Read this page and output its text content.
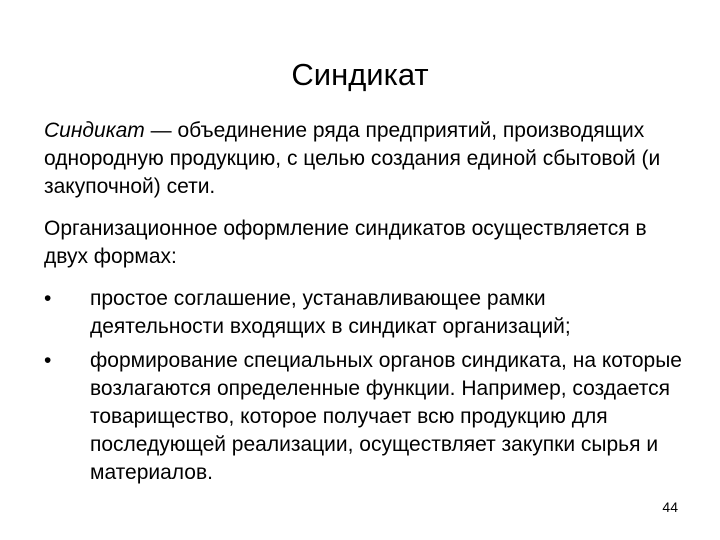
Синдикат

Синдикат — объединение ряда предприятий, производящих однородную продукцию, с целью создания единой сбытовой (и закупочной) сети.

Организационное оформление синдикатов осуществляется в двух формах:

• простое соглашение, устанавливающее рамки деятельности входящих в синдикат организаций;
• формирование специальных органов синдиката, на которые возлагаются определенные функции. Например, создается товарищество, которое получает всю продукцию для последующей реализации, осуществляет закупки сырья и материалов.
44
